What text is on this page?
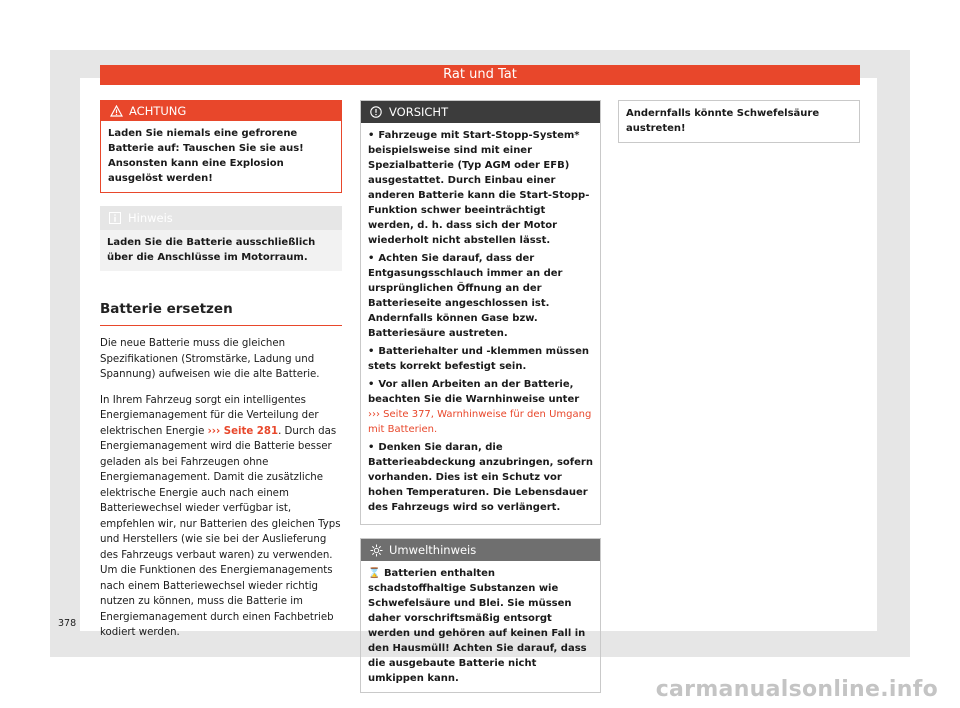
Rat und Tat
ACHTUNG
Laden Sie niemals eine gefrorene Batterie auf: Tauschen Sie sie aus! Ansonsten kann eine Explosion ausgelöst werden!
Hinweis
Laden Sie die Batterie ausschließlich über die Anschlüsse im Motorraum.
Batterie ersetzen

Die neue Batterie muss die gleichen Spezifikationen (Stromstärke, Ladung und Spannung) aufweisen wie die alte Batterie.

In Ihrem Fahrzeug sorgt ein intelligentes Energiemanagement für die Verteilung der elektrischen Energie ››› Seite 281. Durch das Energiemanagement wird die Batterie besser geladen als bei Fahrzeugen ohne Energiemanagement. Damit die zusätzliche elektrische Energie auch nach einem Batteriewechsel wieder verfügbar ist, empfehlen wir, nur Batterien des gleichen Typs und Herstellers (wie sie bei der Auslieferung des Fahrzeugs verbaut waren) zu verwenden. Um die Funktionen des Energiemanagements nach einem Batteriewechsel wieder richtig nutzen zu können, muss die Batterie im Energiemanagement durch einen Fachbetrieb kodiert werden.

VORSICHT
• Fahrzeuge mit Start-Stopp-System* beispielsweise sind mit einer Spezialbatterie (Typ AGM oder EFB) ausgestattet. Durch Einbau einer anderen Batterie kann die Start-Stopp-Funktion schwer beeinträchtigt werden, d. h. dass sich der Motor wiederholt nicht abstellen lässt.
• Achten Sie darauf, dass der Entgasungsschlauch immer an der ursprünglichen Öffnung an der Batterieseite angeschlossen ist. Andernfalls können Gase bzw. Batteriesäure austreten.
• Batteriehalter und -klemmen müssen stets korrekt befestigt sein.
• Vor allen Arbeiten an der Batterie, beachten Sie die Warnhinweise unter ››› Seite 377, Warnhinweise für den Umgang mit Batterien.
• Denken Sie daran, die Batterieabdeckung anzubringen, sofern vorhanden. Dies ist ein Schutz vor hohen Temperaturen. Die Lebensdauer des Fahrzeugs wird so verlängert.
Umwelthinweis
⌛ Batterien enthalten schadstoffhaltige Substanzen wie Schwefelsäure und Blei. Sie müssen daher vorschriftsmäßig entsorgt werden und gehören auf keinen Fall in den Hausmüll! Achten Sie darauf, dass die ausgebaute Batterie nicht umkippen kann.
Andernfalls könnte Schwefelsäure austreten!
378
carmanualsonline.info
